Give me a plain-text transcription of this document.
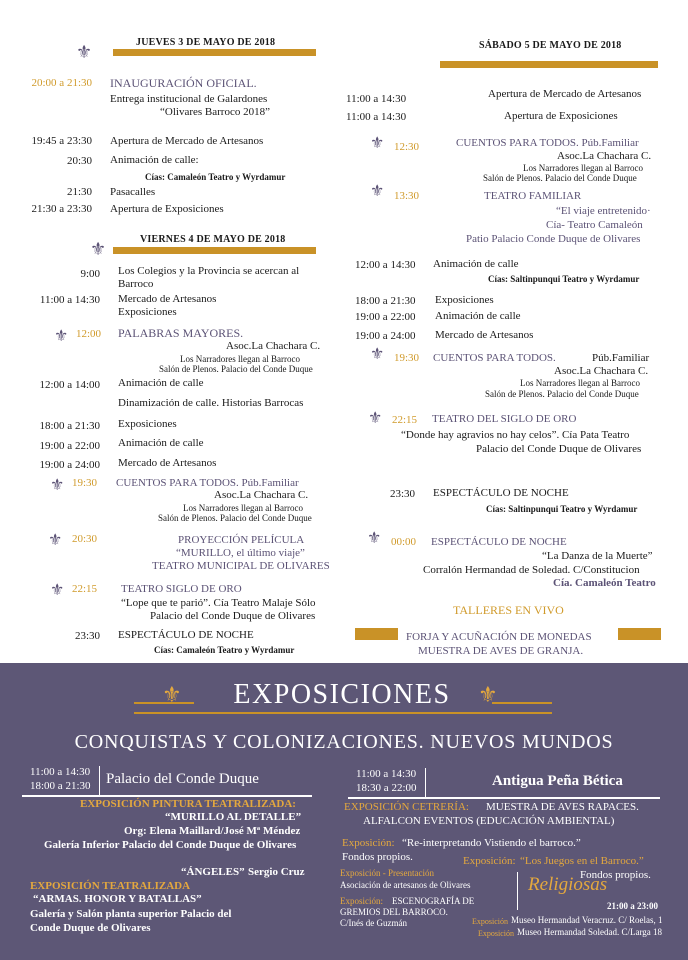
JUEVES 3 DE MAYO DE 2018
⚜
20:00 a 21:30 INAUGURACIÓN OFICIAL.
Entrega institucional de Galardones
“Olivares Barroco 2018”
19:45 a 23:30 Apertura de Mercado de Artesanos
20:30 Animación de calle:
Cías: Camaleón Teatro y Wyrdamur
21:30 Pasacalles
21:30 a 23:30 Apertura de Exposiciones
VIERNES 4 DE MAYO DE 2018
⚜
9:00 Los Colegios y la Provincia se acercan al
Barroco
11:00 a 14:30 Mercado de Artesanos
Exposiciones
⚜ 12:00 PALABRAS MAYORES.
Asoc.La Chachara C.
Los Narradores llegan al Barroco
Salón de Plenos. Palacio del Conde Duque
12:00 a 14:00 Animación de calle
Dinamización de calle. Historias Barrocas
18:00 a 21:30 Exposiciones
19:00 a 22:00 Animación de calle
19:00 a 24:00 Mercado de Artesanos
⚜ 19:30 CUENTOS PARA TODOS. Púb.Familiar
Asoc.La Chachara C.
Los Narradores llegan al Barroco
Salón de Plenos. Palacio del Conde Duque
⚜ 20:30	PROYECCIÓN PELÍCULA
“MURILLO, el último viaje”
TEATRO MUNICIPAL DE OLIVARES
⚜ 22:15 TEATRO SIGLO DE ORO
“Lope que te parió”. Cía Teatro Malaje Sólo
Palacio del Conde Duque de Olivares
23:30 ESPECTÁCULO DE NOCHE
Cías: Camaleón Teatro y Wyrdamur
SÁBADO 5 DE MAYO DE 2018
11:00 a 14:30	Apertura de Mercado de Artesanos
11:00 a 14:30	Apertura de Exposiciones
⚜ 12:30	CUENTOS PARA TODOS. Púb.Familiar
Asoc.La Chachara C.
Los Narradores llegan al Barroco
Salón de Plenos. Palacio del Conde Duque
⚜ 13:30	TEATRO FAMILIAR
“El viaje entretenido·
Cía- Teatro Camaleón
Patio Palacio Conde Duque de Olivares
12:00 a 14:30 Animación de calle
Cías: Saltinpunqui Teatro y Wyrdamur
18:00 a 21:30 Exposiciones
19:00 a 22:00 Animación de calle
19:00 a 24:00 Mercado de Artesanos
⚜ 19:30 CUENTOS PARA TODOS.	Púb.Familiar
Asoc.La Chachara C.
Los Narradores llegan al Barroco
Salón de Plenos. Palacio del Conde Duque
⚜ 22:15 TEATRO DEL SIGLO DE ORO
“Donde hay agravios no hay celos”. Cía Pata Teatro
Palacio del Conde Duque de Olivares
23:30 ESPECTÁCULO DE NOCHE
Cías: Saltinpunqui Teatro y Wyrdamur
⚜ 00:00 ESPECTÁCULO DE NOCHE
“La Danza de la Muerte”
Corralón Hermandad de Soledad. C/Constitucion
Cía. Camaleón Teatro
TALLERES EN VIVO
FORJA Y ACUÑACIÓN DE MONEDAS
MUESTRA DE AVES DE GRANJA.
⚜	⚜
EXPOSICIONES
CONQUISTAS Y COLONIZACIONES. NUEVOS MUNDOS
11:00 a 14:30
18:00 a 21:30 Palacio del Conde Duque
EXPOSICIÓN PINTURA TEATRALIZADA:
“MURILLO AL DETALLE”
Org: Elena Maillard/José Mª Méndez
Galería Inferior Palacio del Conde Duque de Olivares
“ÁNGELES” Sergio Cruz
EXPOSICIÓN TEATRALIZADA
“ARMAS. HONOR Y BATALLAS”
Galería y Salón planta superior Palacio del
Conde Duque de Olivares
11:00 a 14:30
18:30 a 22:00	Antigua Peña Bética
EXPOSICIÓN CETRERÍA: MUESTRA DE AVES RAPACES.
ALFALCON EVENTOS (EDUCACIÓN AMBIENTAL)
Exposición: “Re-interpretando Vistiendo el barroco.”
Fondos propios.	Exposición: “Los Juegos en el Barroco.”
Fondos propios.
Exposición - Presentación
Asociación de artesanos de Olivares
Exposición: ESCENOGRAFÍA DE
GREMIOS DEL BARROCO.
C/Inés de Guzmán
Religiosas
21:00 a 23:00
Exposición Museo Hermandad Veracruz. C/ Roelas, 1
Exposición Museo Hermandad Soledad. C/Larga 18
